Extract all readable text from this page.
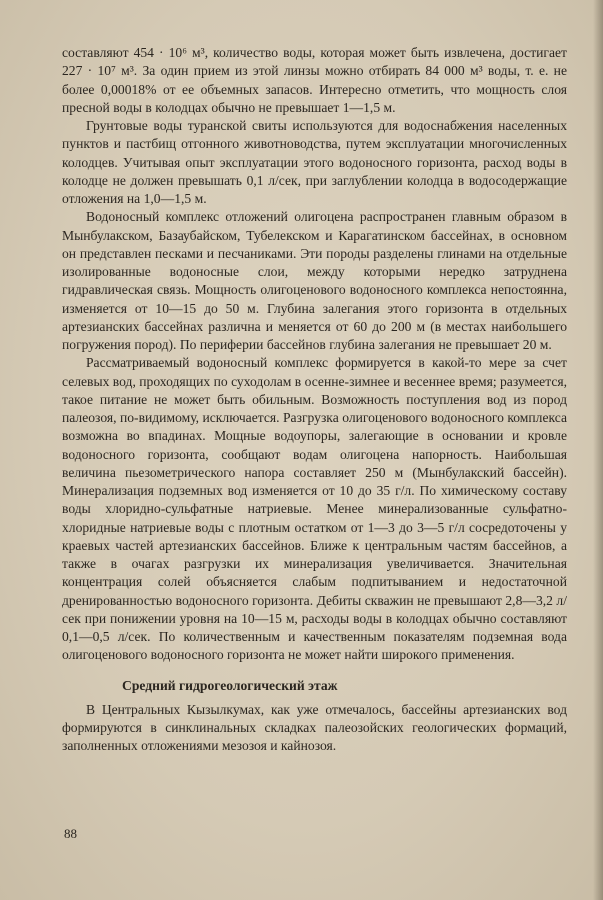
составляют 454 · 10⁶ м³, количество воды, которая может быть извлечена, достигает 227 · 10⁷ м³. За один прием из этой линзы можно отбирать 84 000 м³ воды, т. е. не более 0,00018% от ее объемных запасов. Интересно отметить, что мощность слоя пресной воды в колодцах обычно не превышает 1—1,5 м.

Грунтовые воды туранской свиты используются для водоснабжения населенных пунктов и пастбищ отгонного животноводства, путем эксплуатации многочисленных колодцев. Учитывая опыт эксплуатации этого водоносного горизонта, расход воды в колодце не должен превышать 0,1 л/сек, при заглублении колодца в водосодержащие отложения на 1,0—1,5 м.

Водоносный комплекс отложений олигоцена распространен главным образом в Мынбулакском, Базаубайском, Тубелекском и Карагатинском бассейнах, в основном он представлен песками и песчаниками. Эти породы разделены глинами на отдельные изолированные водоносные слои, между которыми нередко затруднена гидравлическая связь. Мощность олигоценового водоносного комплекса непостоянна, изменяется от 10—15 до 50 м. Глубина залегания этого горизонта в отдельных артезианских бассейнах различна и меняется от 60 до 200 м (в местах наибольшего погружения пород). По периферии бассейнов глубина залегания не превышает 20 м.

Рассматриваемый водоносный комплекс формируется в какой-то мере за счет селевых вод, проходящих по суходолам в осенне-зимнее и весеннее время; разумеется, такое питание не может быть обильным. Возможность поступления вод из пород палеозоя, по-видимому, исключается. Разгрузка олигоценового водоносного комплекса возможна во впадинах. Мощные водоупоры, залегающие в основании и кровле водоносного горизонта, сообщают водам олигоцена напорность. Наибольшая величина пьезометрического напора составляет 250 м (Мынбулакский бассейн). Минерализация подземных вод изменяется от 10 до 35 г/л. По химическому составу воды хлоридно-сульфатные натриевые. Менее минерализованные сульфатно-хлоридные натриевые воды с плотным остатком от 1—3 до 3—5 г/л сосредоточены у краевых частей артезианских бассейнов. Ближе к центральным частям бассейнов, а также в очагах разгрузки их минерализация увеличивается. Значительная концентрация солей объясняется слабым подпитыванием и недостаточной дренированностью водоносного горизонта. Дебиты скважин не превышают 2,8—3,2 л/сек при понижении уровня на 10—15 м, расходы воды в колодцах обычно составляют 0,1—0,5 л/сек. По количественным и качественным показателям подземная вода олигоценового водоносного горизонта не может найти широкого применения.

Средний гидрогеологический этаж

В Центральных Кызылкумах, как уже отмечалось, бассейны артезианских вод формируются в синклинальных складках палеозойских геологических формаций, заполненных отложениями мезозоя и кайнозоя.

88
